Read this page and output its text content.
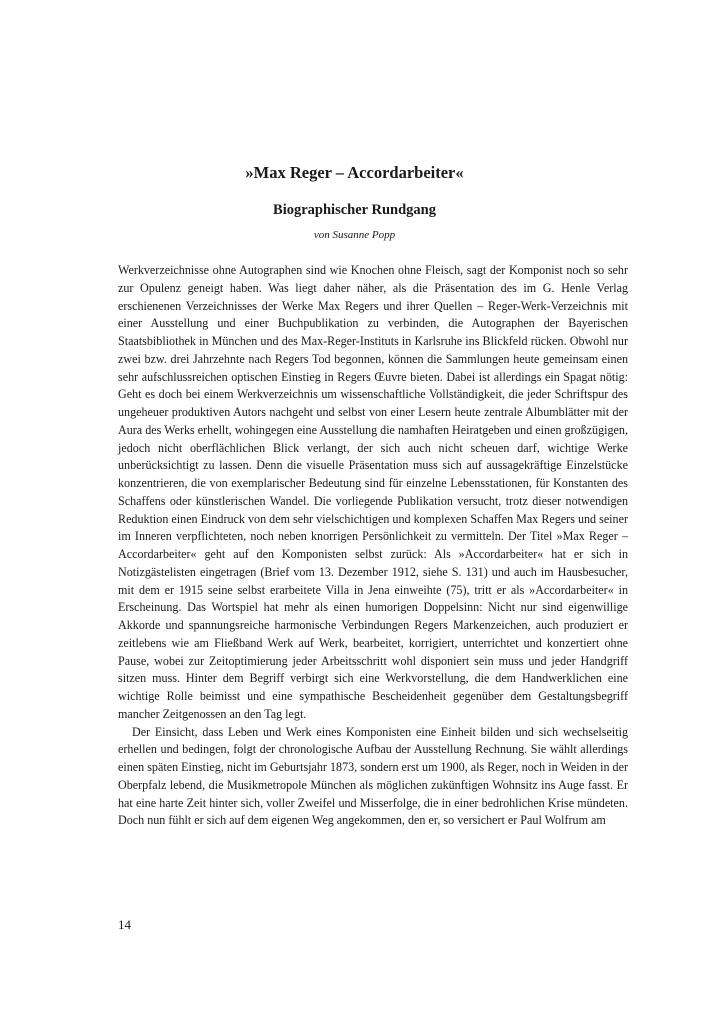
»Max Reger – Accordarbeiter«
Biographischer Rundgang
von Susanne Popp

Werkverzeichnisse ohne Autographen sind wie Knochen ohne Fleisch, sagt der Komponist noch so sehr zur Opulenz geneigt haben. Was liegt daher näher, als die Präsentation des im G. Henle Verlag erschienenen Verzeichnisses der Werke Max Regers und ihrer Quellen – Reger-Werk-Verzeichnis mit einer Ausstellung und einer Buchpublikation zu verbinden, die Autographen der Bayerischen Staatsbibliothek in München und des Max-Reger-Instituts in Karlsruhe ins Blickfeld rücken. Obwohl nur zwei bzw. drei Jahrzehnte nach Regers Tod begonnen, können die Sammlungen heute gemeinsam einen sehr aufschlussreichen optischen Einstieg in Regers Œuvre bieten. Dabei ist allerdings ein Spagat nötig: Geht es doch bei einem Werkverzeichnis um wissenschaftliche Vollständigkeit, die jeder Schriftspur des ungeheuer produktiven Autors nachgeht und selbst von einer Lesern heute zentrale Albumblätter mit der Aura des Werks erhellt, wohingegen eine Ausstellung die namhaften Heiratgeben und einen großzügigen, jedoch nicht oberflächlichen Blick verlangt, der sich auch nicht scheuen darf, wichtige Werke unberücksichtigt zu lassen. Denn die visuelle Präsentation muss sich auf aussagekräftige Einzelstücke konzentrieren, die von exemplarischer Bedeutung sind für einzelne Lebensstationen, für Konstanten des Schaffens oder künstlerischen Wandel. Die vorliegende Publikation versucht, trotz dieser notwendigen Reduktion einen Eindruck von dem sehr vielschichtigen und komplexen Schaffen Max Regers und seiner im Inneren verpflichteten, noch neben knorrigen Persönlichkeit zu vermitteln. Der Titel »Max Reger – Accordarbeiter« geht auf den Komponisten selbst zurück: Als »Accordarbeiter« hat er sich in Notizgästelisten eingetragen (Brief vom 13. Dezember 1912, siehe S. 131) und auch im Hausbesucher, mit dem er 1915 seine selbst erarbeitete Villa in Jena einweihte (75), tritt er als »Accordarbeiter« in Erscheinung. Das Wortspiel hat mehr als einen humorigen Doppelsinn: Nicht nur sind eigenwillige Akkorde und spannungsreiche harmonische Verbindungen Regers Markenzeichen, auch produziert er zeitlebens wie am Fließband Werk auf Werk, bearbeitet, korrigiert, unterrichtet und konzertiert ohne Pause, wobei zur Zeitoptimierung jeder Arbeitsschritt wohl disponiert sein muss und jeder Handgriff sitzen muss. Hinter dem Begriff verbirgt sich eine Werkvorstellung, die dem Handwerklichen eine wichtige Rolle beimisst und eine sympathische Bescheidenheit gegenüber dem Gestaltungsbegriff mancher Zeitgenossen an den Tag legt.

Der Einsicht, dass Leben und Werk eines Komponisten eine Einheit bilden und sich wechselseitig erhellen und bedingen, folgt der chronologische Aufbau der Ausstellung Rechnung. Sie wählt allerdings einen späten Einstieg, nicht im Geburtsjahr 1873, sondern erst um 1900, als Reger, noch in Weiden in der Oberpfalz lebend, die Musikmetropole München als möglichen zukünftigen Wohnsitz ins Auge fasst. Er hat eine harte Zeit hinter sich, voller Zweifel und Misserfolge, die in einer bedrohlichen Krise mündeten. Doch nun fühlt er sich auf dem eigenen Weg angekommen, den er, so versichert er Paul Wolfrum am

14
